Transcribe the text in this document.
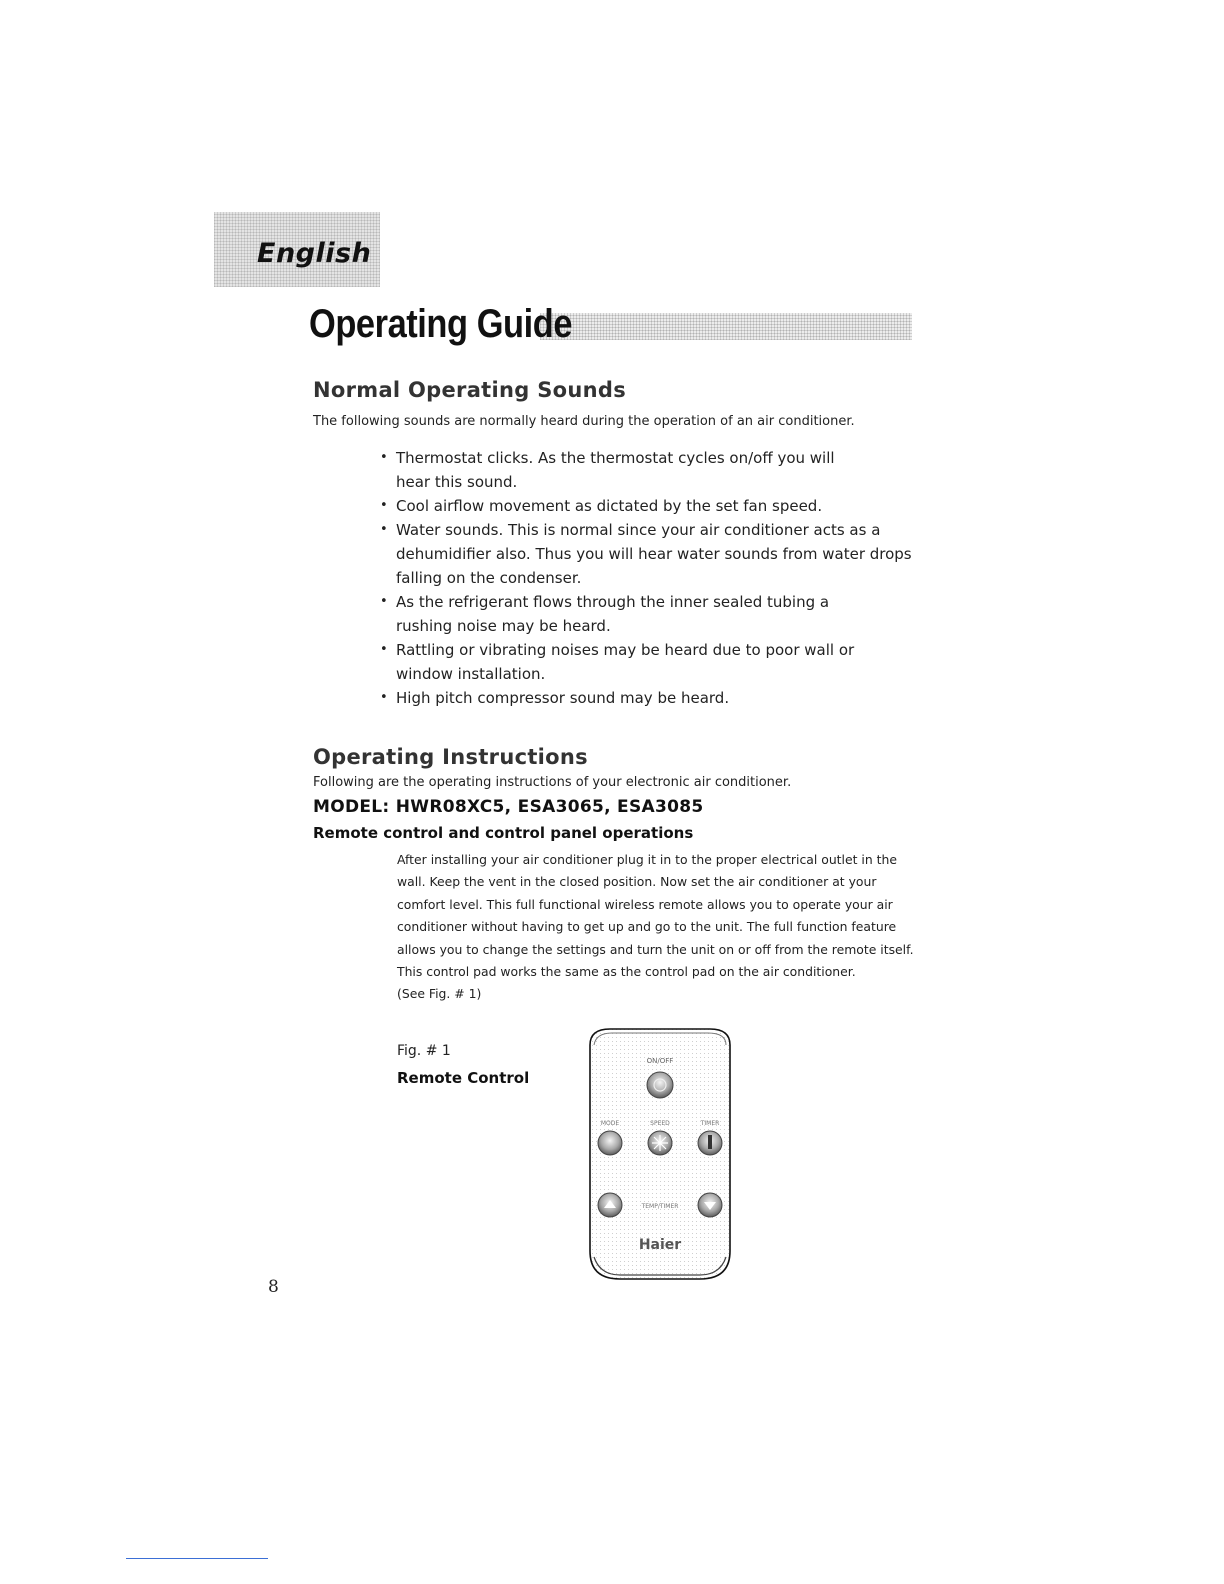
English
Operating Guide
Normal Operating Sounds

The following sounds are normally heard during the operation of an air conditioner.

• Thermostat clicks. As the thermostat cycles on/off you will hear this sound.
• Cool airflow movement as dictated by the set fan speed.
• Water sounds. This is normal since your air conditioner acts as a dehumidifier also. Thus you will hear water sounds from water drops falling on the condenser.
• As the refrigerant flows through the inner sealed tubing a rushing noise may be heard.
• Rattling or vibrating noises may be heard due to poor wall or window installation.
• High pitch compressor sound may be heard.
Operating Instructions

Following are the operating instructions of your electronic air conditioner.

MODEL: HWR08XC5, ESA3065, ESA3085
Remote control and control panel operations

After installing your air conditioner plug it in to the proper electrical outlet in the wall. Keep the vent in the closed position. Now set the air conditioner at your comfort level. This full functional wireless remote allows you to operate your air conditioner without having to get up and go to the unit. The full function feature allows you to change the settings and turn the unit on or off from the remote itself. This control pad works the same as the control pad on the air conditioner.
(See Fig. # 1)

Fig. # 1
Remote Control
ON/OFF
MODE	SPEED	TIMER
TEMP/TIMER
Haier
8
